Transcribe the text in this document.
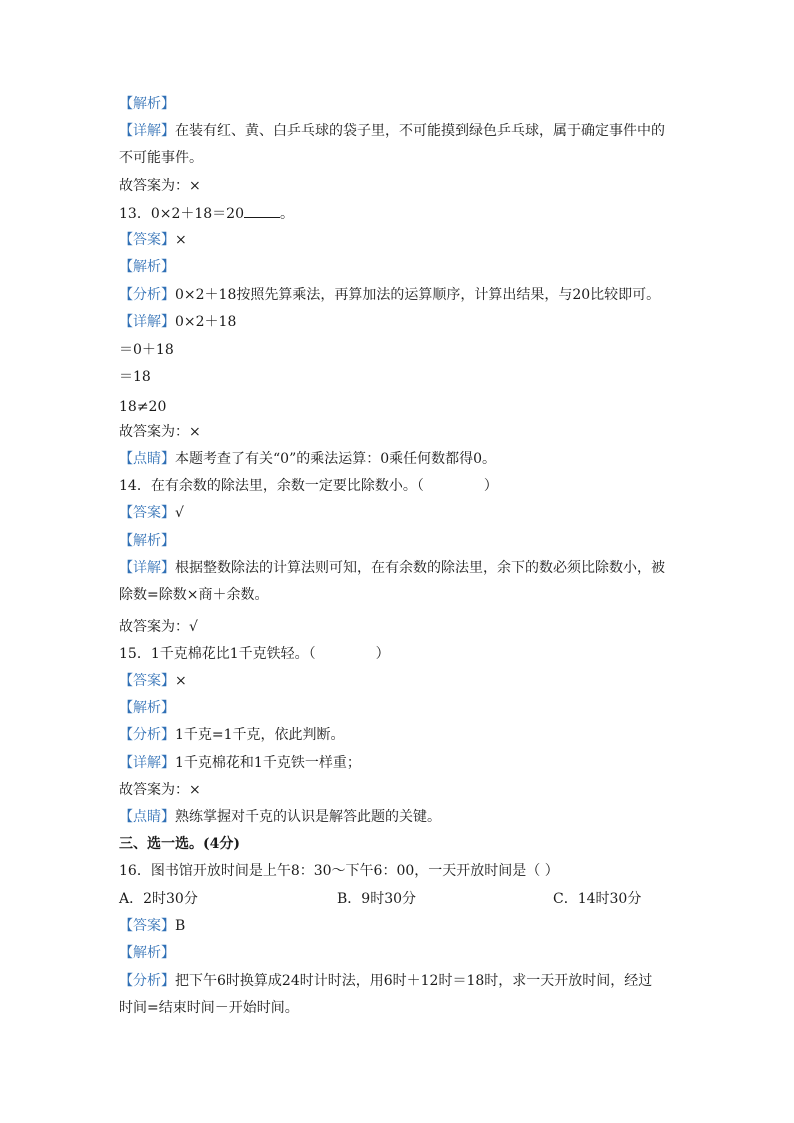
【解析】
【详解】在装有红、黄、白乒乓球的袋子里，不可能摸到绿色乒乓球，属于确定事件中的
不可能事件。
故答案为：×
13．0×2＋18＝20	。
【答案】×
【解析】
【分析】0×2＋18按照先算乘法，再算加法的运算顺序，计算出结果，与20比较即可。
【详解】0×2＋18
＝0＋18
＝18
18≠20
故答案为：×
【点睛】本题考查了有关“0”的乘法运算：0乘任何数都得0。
14．在有余数的除法里，余数一定要比除数小。（	）
【答案】√
【解析】
【详解】根据整数除法的计算法则可知，在有余数的除法里，余下的数必须比除数小，被
除数=除数×商＋余数。
故答案为：√
15．1千克棉花比1千克铁轻。（	）
【答案】×
【解析】
【分析】1千克=1千克，依此判断。
【详解】1千克棉花和1千克铁一样重；
故答案为：×
【点睛】熟练掌握对千克的认识是解答此题的关键。
三、选一选。(4分)
16．图书馆开放时间是上午8：30～下午6：00，一天开放时间是（ ）
A．2时30分	B．9时30分	C．14时30分
【答案】B
【解析】
【分析】把下午6时换算成24时计时法，用6时＋12时＝18时，求一天开放时间，经过
时间=结束时间－开始时间。
